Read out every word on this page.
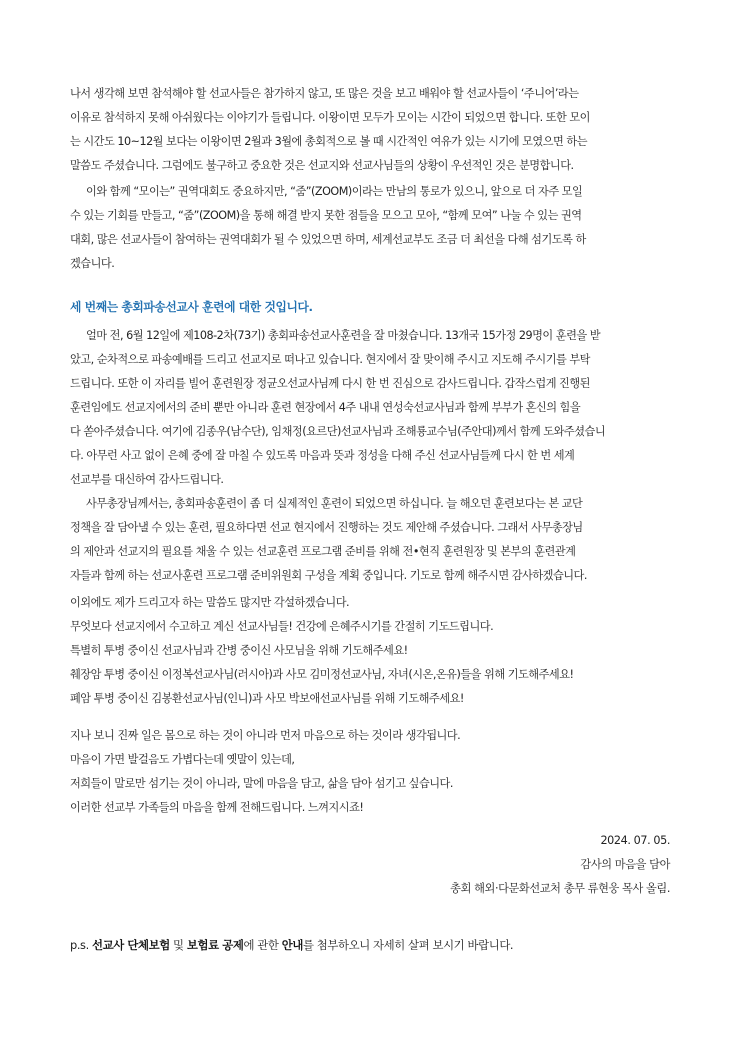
나서 생각해 보면 참석해야 할 선교사들은 참가하지 않고, 또 많은 것을 보고 배워야 할 선교사들이 ‘주니어’라는
이유로 참석하지 못해 아쉬웠다는 이야기가 들립니다. 이왕이면 모두가 모이는 시간이 되었으면 합니다. 또한 모이
는 시간도 10~12월 보다는 이왕이면 2월과 3월에 총회적으로 볼 때 시간적인 여유가 있는 시기에 모였으면 하는
말씀도 주셨습니다. 그럼에도 불구하고 중요한 것은 선교지와 선교사님들의 상황이 우선적인 것은 분명합니다.
이와 함께 “모이는” 권역대회도 중요하지만, “줌”(ZOOM)이라는 만남의 통로가 있으니, 앞으로 더 자주 모일
수 있는 기회를 만들고, “줌”(ZOOM)을 통해 해결 받지 못한 점들을 모으고 모아, “함께 모여” 나눌 수 있는 권역
대회, 많은 선교사들이 참여하는 권역대회가 될 수 있었으면 하며, 세계선교부도 조금 더 최선을 다해 섬기도록 하
겠습니다.
세 번째는 총회파송선교사 훈련에 대한 것입니다.
얼마 전, 6월 12일에 제108-2차(73기) 총회파송선교사훈련을 잘 마쳤습니다. 13개국 15가정 29명이 훈련을 받
았고, 순차적으로 파송예배를 드리고 선교지로 떠나고 있습니다. 현지에서 잘 맞이해 주시고 지도해 주시기를 부탁
드립니다. 또한 이 자리를 빌어 훈련원장 정균오선교사님께 다시 한 번 진심으로 감사드립니다. 갑작스럽게 진행된
훈련임에도 선교지에서의 준비 뿐만 아니라 훈련 현장에서 4주 내내 연성숙선교사님과 함께 부부가 혼신의 힘을
다 쏟아주셨습니다. 여기에 김종우(남수단), 임채정(요르단)선교사님과 조해룡교수님(주안대)께서 함께 도와주셨습니
다. 아무런 사고 없이 은혜 중에 잘 마칠 수 있도록 마음과 뜻과 정성을 다해 주신 선교사님들께 다시 한 번 세계
선교부를 대신하여 감사드립니다.
사무총장님께서는, 총회파송훈련이 좀 더 실제적인 훈련이 되었으면 하십니다. 늘 해오던 훈련보다는 본 교단
정책을 잘 담아낼 수 있는 훈련, 필요하다면 선교 현지에서 진행하는 것도 제안해 주셨습니다. 그래서 사무총장님
의 제안과 선교지의 필요를 채울 수 있는 선교훈련 프로그램 준비를 위해 전•현직 훈련원장 및 본부의 훈련관계
자들과 함께 하는 선교사훈련 프로그램 준비위원회 구성을 계획 중입니다. 기도로 함께 해주시면 감사하겠습니다.
이외에도 제가 드리고자 하는 말씀도 많지만 각설하겠습니다.
무엇보다 선교지에서 수고하고 계신 선교사님들! 건강에 은혜주시기를 간절히 기도드립니다.
특별히 투병 중이신 선교사님과 간병 중이신 사모님을 위해 기도해주세요!
췌장암 투병 중이신 이정복선교사님(러시아)과 사모 김미정선교사님, 자녀(시온,온유)들을 위해 기도해주세요!
폐암 투병 중이신 김봉환선교사님(인니)과 사모 박보애선교사님를 위해 기도해주세요!
지나 보니 진짜 일은 몸으로 하는 것이 아니라 먼저 마음으로 하는 것이라 생각됩니다.
마음이 가면 발걸음도 가볍다는데 옛말이 있는데,
저희들이 말로만 섬기는 것이 아니라, 말에 마음을 담고, 삶을 담아 섬기고 싶습니다.
이러한 선교부 가족들의 마음을 함께 전해드립니다. 느껴지시죠!
2024. 07. 05.
감사의 마음을 담아
총회 해외·다문화선교처 총무 류현웅 목사 올림.
p.s. 선교사 단체보험 및 보험료 공제에 관한 안내를 첨부하오니 자세히 살펴 보시기 바랍니다.
